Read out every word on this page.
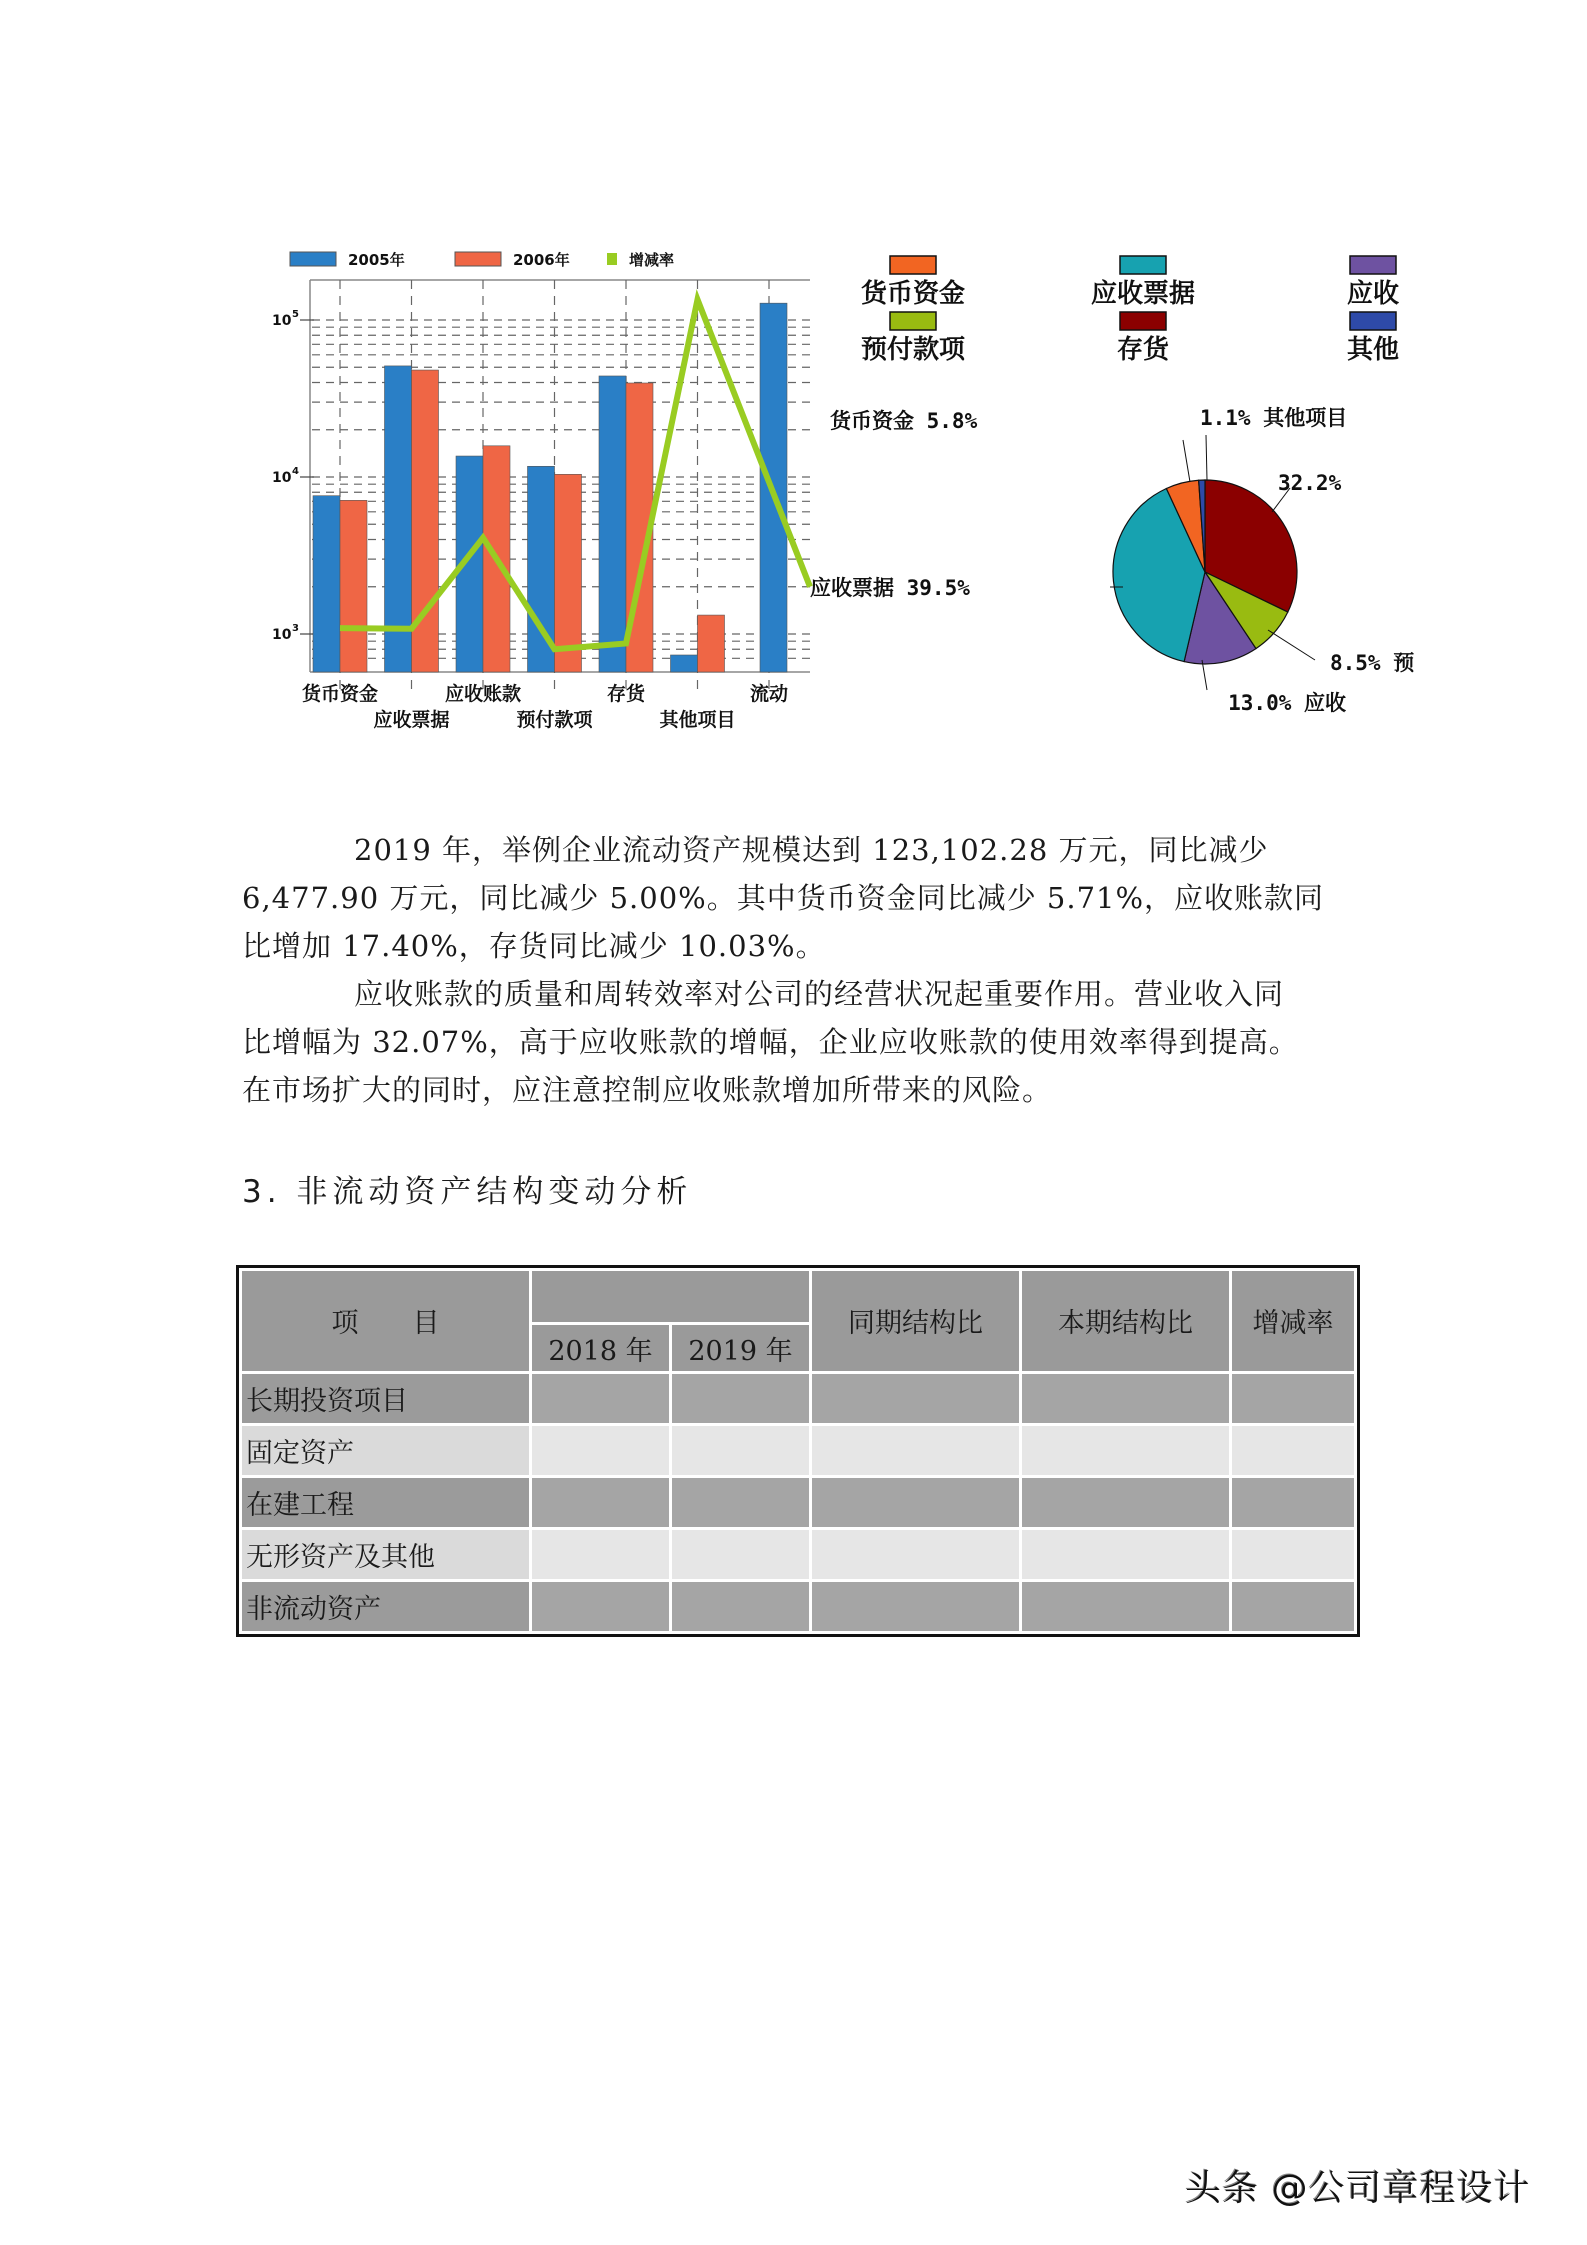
2005年	2006年	增减率
10 3
10 4
10 5
货币资金
应收票据
应收账款
预付款项
存货
其他项目
流动
货币资金	应收票据	应收
预付款项	存货	其他
32.2%
8.5% 预
13.0% 应收
应收票据 39.5%
货币资金 5.8%	1.1% 其他项目
2019 年，举例企业流动资产规模达到 123,102.28 万元，同比减少
6,477.90 万元，同比减少 5.00%。其中货币资金同比减少 5.71%，应收账款同
比增加 17.40%，存货同比减少 10.03%。
应收账款的质量和周转效率对公司的经营状况起重要作用。营业收入同
比增幅为 32.07%，高于应收账款的增幅，企业应收账款的使用效率得到提高。
在市场扩大的同时，应注意控制应收账款增加所带来的风险。
3. 非流动资产结构变动分析
项　　目			同期结构比	本期结构比	增减率
	2018 年	2019 年			
长期投资项目					
固定资产					
在建工程					
无形资产及其他					
非流动资产					
头条 @公司章程设计
